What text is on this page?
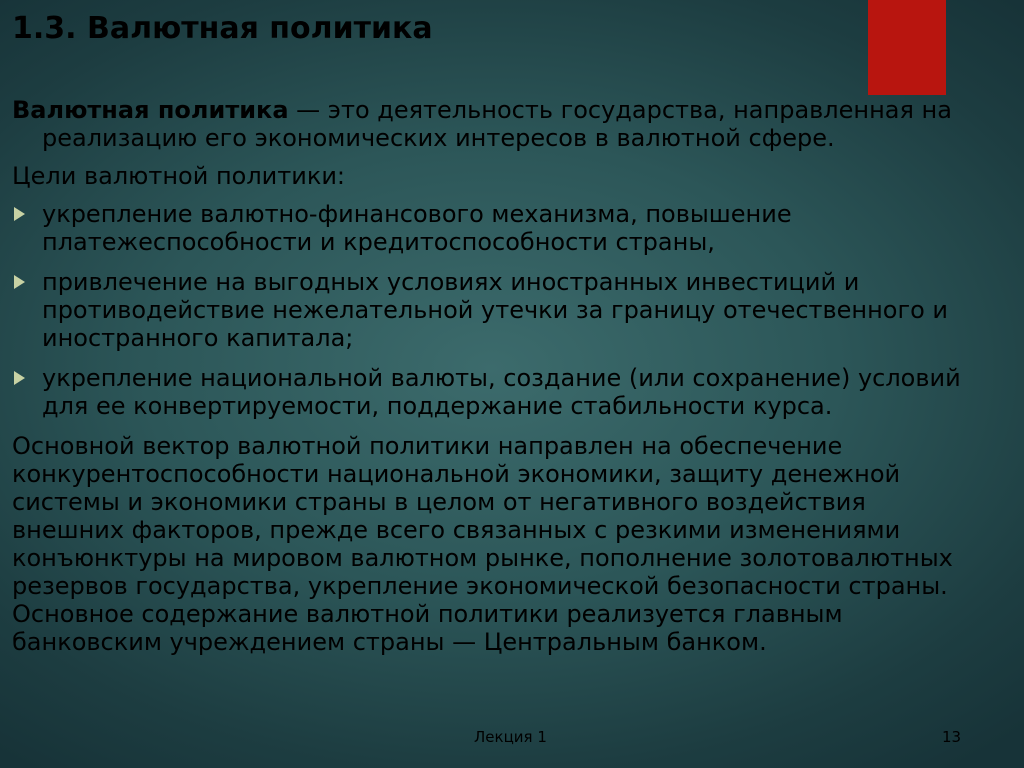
1.3. Валютная политика

Валютная политика — это деятельность государства, направленная на реализацию его экономических интересов в валютной сфере.

Цели валютной политики:

укрепление валютно-финансового механизма, повышение платежеспособности и кредитоспособности страны,
привлечение на выгодных условиях иностранных инвестиций и противодействие нежелательной утечки за границу отечественного и иностранного капитала;
укрепление национальной валюты, создание (или сохранение) условий для ее конвертируемости, поддержание стабильности курса.

Основной вектор валютной политики направлен на обеспечение конкурентоспособности национальной экономики, защиту денежной системы и экономики страны в целом от негативного воздействия внешних факторов, прежде всего связанных с резкими изменениями конъюнктуры на мировом валютном рынке, пополнение золотовалютных резервов государства, укрепление экономической безопасности страны. Основное содержание валютной политики реализуется главным банковским учреждением страны — Центральным банком.

Лекция 1	13
